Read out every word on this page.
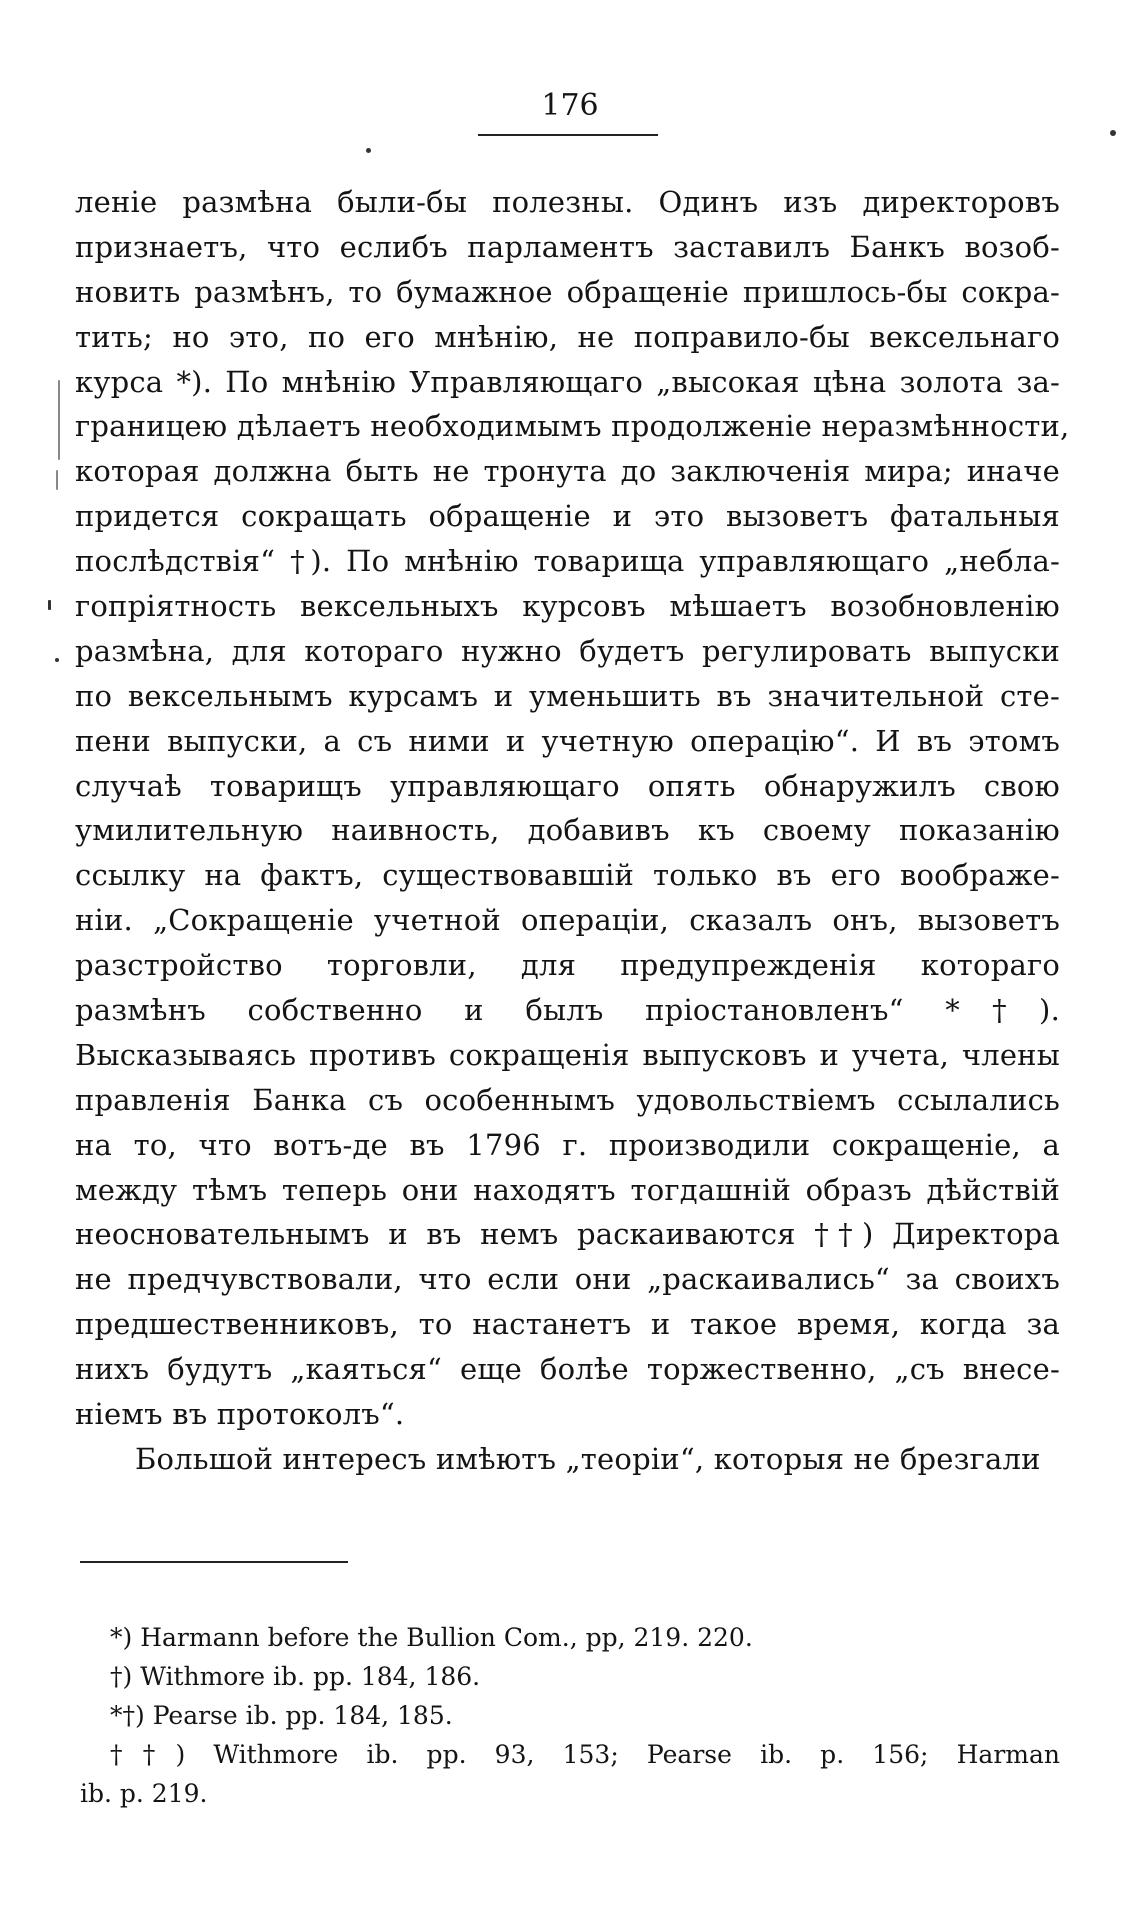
176
леніе размѣна были-бы полезны. Одинъ изъ директоровъ
признаетъ, что еслибъ парламентъ заставилъ Банкъ возоб-
новить размѣнъ, то бумажное обращеніе пришлось-бы сокра-
тить; но это, по его мнѣнію, не поправило-бы вексельнаго
курса *). По мнѣнію Управляющаго „высокая цѣна золота за-
границею дѣлаетъ необходимымъ продолженіе неразмѣнности,
которая должна быть не тронута до заключенія мира; иначе
придется сокращать обращеніе и это вызоветъ фатальныя
послѣдствія“ †). По мнѣнію товарища управляющаго „небла-
гопріятность вексельныхъ курсовъ мѣшаетъ возобновленію
размѣна, для котораго нужно будетъ регулировать выпуски
по вексельнымъ курсамъ и уменьшить въ значительной сте-
пени выпуски, а съ ними и учетную операцію“. И въ этомъ
случаѣ товарищъ управляющаго опять обнаружилъ свою
умилительную наивность, добавивъ къ своему показанію
ссылку на фактъ, существовавшій только въ его воображе-
ніи. „Сокращеніе учетной операціи, сказалъ онъ, вызоветъ
разстройство торговли, для предупрежденія котораго
размѣнъ собственно и былъ пріостановленъ“ *†).
Высказываясь противъ сокращенія выпусковъ и учета, члены
правленія Банка съ особеннымъ удовольствіемъ ссылались
на то, что вотъ-де въ 1796 г. производили сокращеніе, а
между тѣмъ теперь они находятъ тогдашній образъ дѣйствій
неосновательнымъ и въ немъ раскаиваются ††) Директора
не предчувствовали, что если они „раскаивались“ за своихъ
предшественниковъ, то настанетъ и такое время, когда за
нихъ будутъ „каяться“ еще болѣе торжественно, „съ внесе-
ніемъ въ протоколъ“.
Большой интересъ имѣютъ „теоріи“, которыя не брезгали
*) Harmann before the Bullion Com., pp, 219. 220.
†) Withmore ib. pp. 184, 186.
*†) Pearse ib. pp. 184, 185.
††) Withmore ib. pp. 93, 153; Pearse ib. p. 156; Harman
ib. p. 219.
